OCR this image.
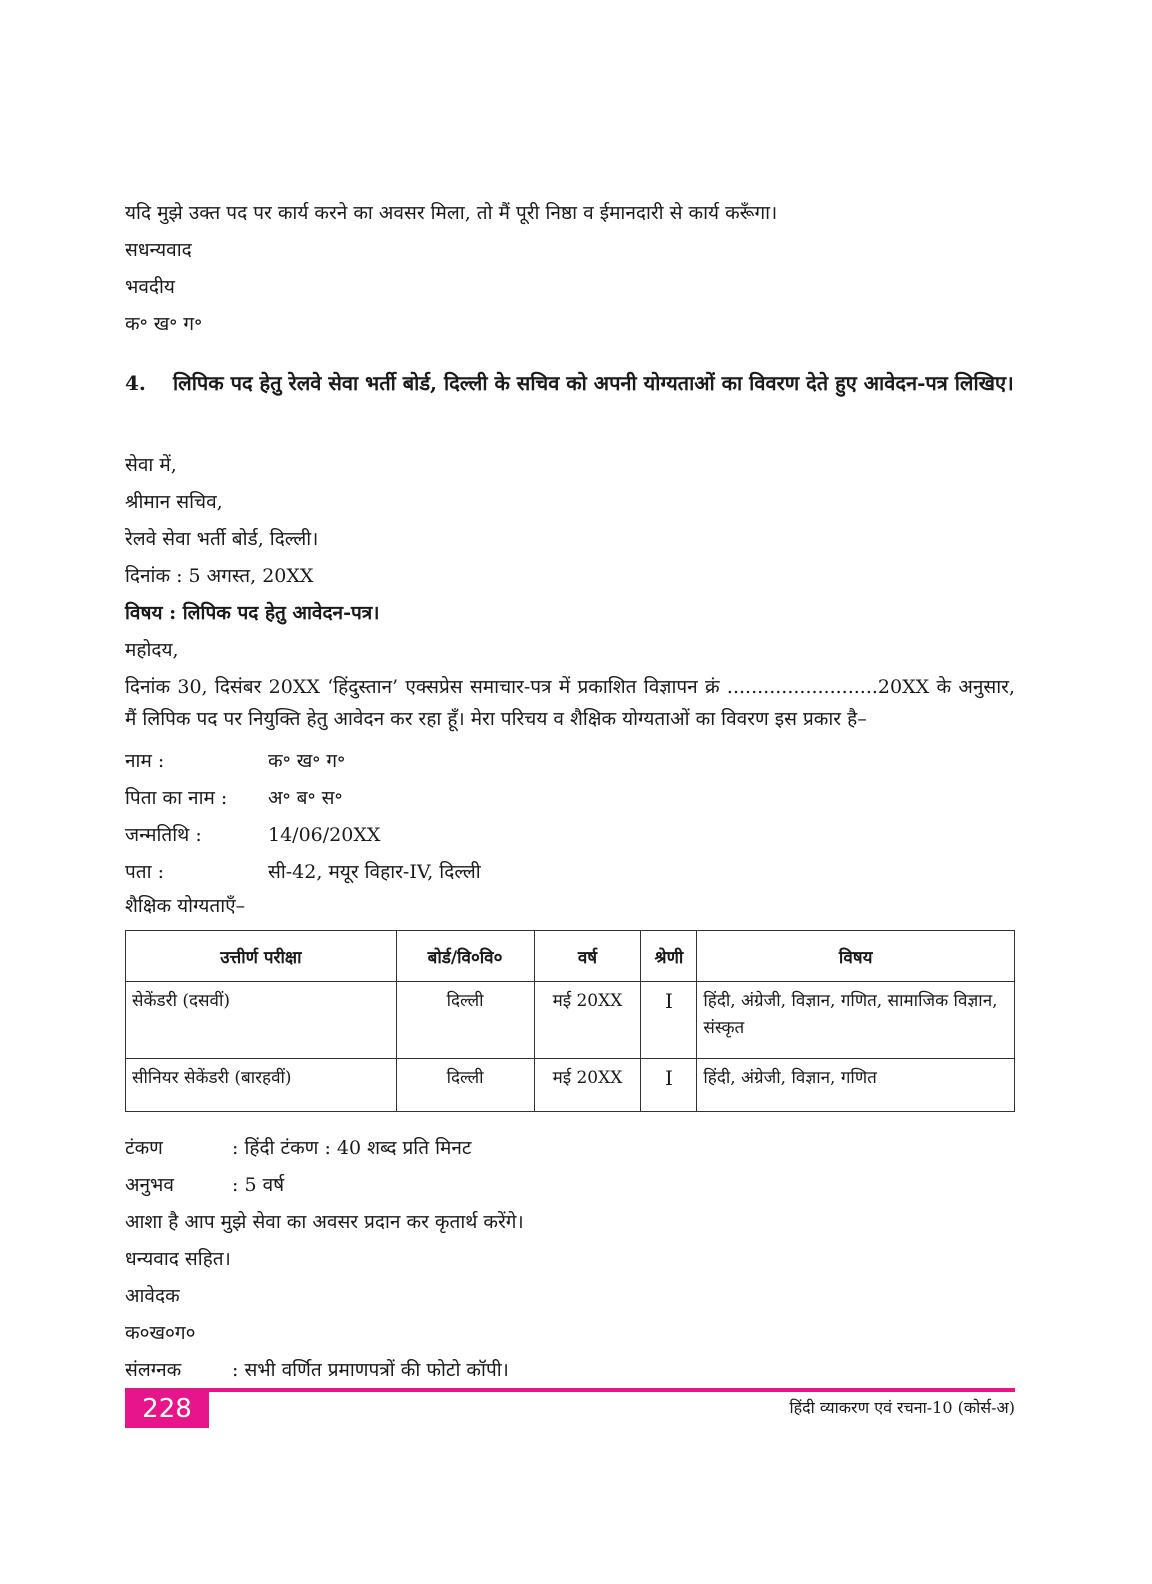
यदि मुझे उक्त पद पर कार्य करने का अवसर मिला, तो मैं पूरी निष्ठा व ईमानदारी से कार्य करूँगा।
सधन्यवाद
भवदीय
क॰ ख॰ ग॰
4. लिपिक पद हेतु रेलवे सेवा भर्ती बोर्ड, दिल्ली के सचिव को अपनी योग्यताओं का विवरण देते हुए आवेदन-पत्र लिखिए।
सेवा में,
श्रीमान सचिव,
रेलवे सेवा भर्ती बोर्ड, दिल्ली।
दिनांक : 5 अगस्त, 20XX
विषय : लिपिक पद हेतु आवेदन-पत्र।
महोदय,
दिनांक 30, दिसंबर 20XX ‘हिंदुस्तान’ एक्सप्रेस समाचार-पत्र में प्रकाशित विज्ञापन क्रं .........................20XX के अनुसार, मैं लिपिक पद पर नियुक्ति हेतु आवेदन कर रहा हूँ। मेरा परिचय व शैक्षिक योग्यताओं का विवरण इस प्रकार है–
नाम :	क॰ ख॰ ग॰
पिता का नाम : अ॰ ब॰ स॰
जन्मतिथि :	14/06/20XX
पता :	सी-42, मयूर विहार-IV, दिल्ली
शैक्षिक योग्यताएँ–
उत्तीर्ण परीक्षा	बोर्ड/वि०वि०	वर्ष	श्रेणी	विषय
सेकेंडरी (दसवीं)	दिल्ली	मई 20XX	I	हिंदी, अंग्रेजी, विज्ञान, गणित, सामाजिक विज्ञान, संस्कृत
सीनियर सेकेंडरी (बारहवीं)	दिल्ली	मई 20XX	I	हिंदी, अंग्रेजी, विज्ञान, गणित
टंकण	: हिंदी टंकण : 40 शब्द प्रति मिनट
अनुभव	: 5 वर्ष
आशा है आप मुझे सेवा का अवसर प्रदान कर कृतार्थ करेंगे।
धन्यवाद सहित।
आवेदक
क०ख०ग०
संलग्नक	: सभी वर्णित प्रमाणपत्रों की फोटो कॉपी।
228	हिंदी व्याकरण एवं रचना-10 (कोर्स-अ)
